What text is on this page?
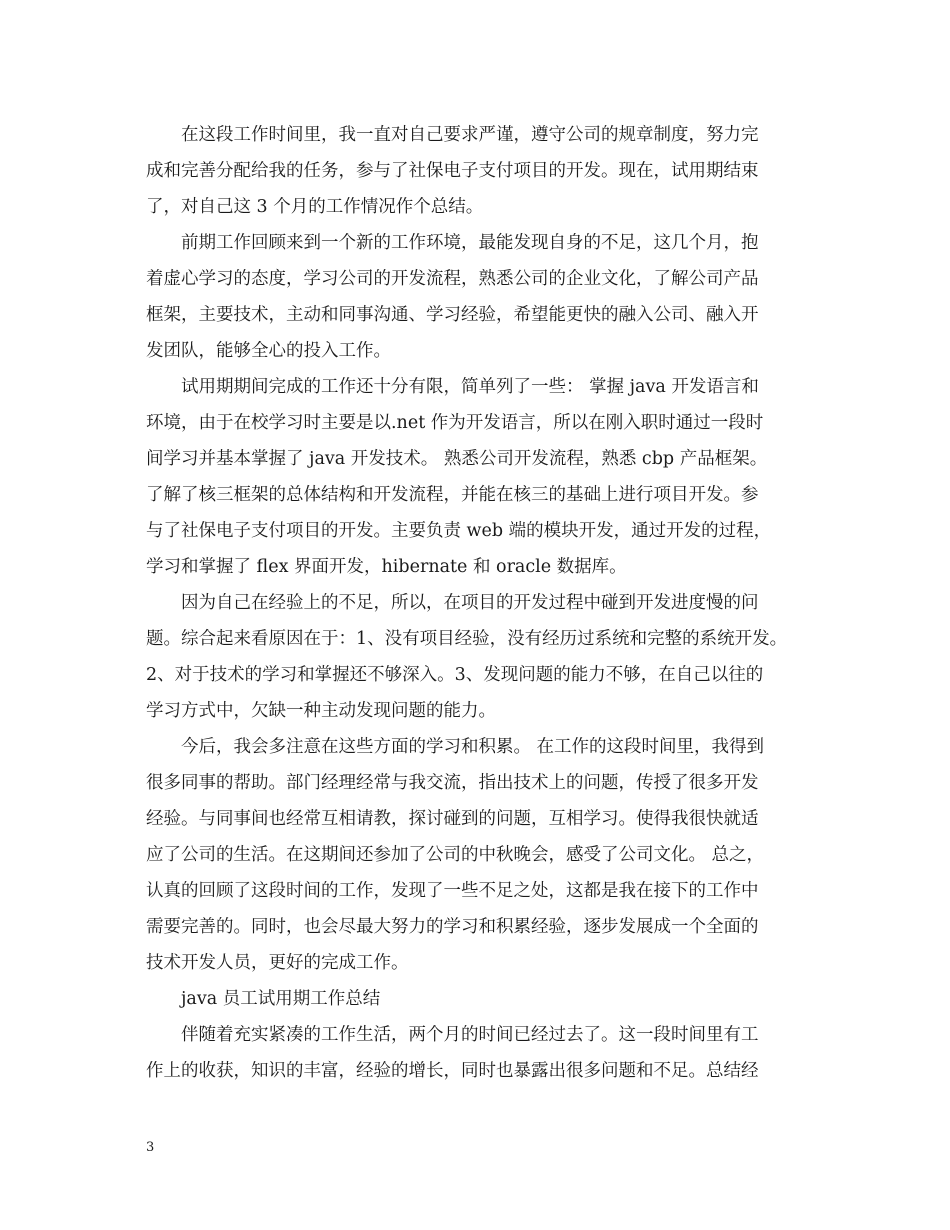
在这段工作时间里，我一直对自己要求严谨，遵守公司的规章制度，努力完
成和完善分配给我的任务，参与了社保电子支付项目的开发。现在，试用期结束
了，对自己这 3 个月的工作情况作个总结。
前期工作回顾来到一个新的工作环境，最能发现自身的不足，这几个月，抱
着虚心学习的态度，学习公司的开发流程，熟悉公司的企业文化，了解公司产品
框架，主要技术，主动和同事沟通、学习经验，希望能更快的融入公司、融入开
发团队，能够全心的投入工作。
试用期期间完成的工作还十分有限，简单列了一些： 掌握 java 开发语言和
环境，由于在校学习时主要是以.net 作为开发语言，所以在刚入职时通过一段时
间学习并基本掌握了 java 开发技术。 熟悉公司开发流程，熟悉 cbp 产品框架。
了解了核三框架的总体结构和开发流程，并能在核三的基础上进行项目开发。参
与了社保电子支付项目的开发。主要负责 web 端的模块开发，通过开发的过程，
学习和掌握了 flex 界面开发，hibernate 和 oracle 数据库。
因为自己在经验上的不足，所以，在项目的开发过程中碰到开发进度慢的问
题。综合起来看原因在于：1、没有项目经验，没有经历过系统和完整的系统开发。
2、对于技术的学习和掌握还不够深入。3、发现问题的能力不够，在自己以往的
学习方式中，欠缺一种主动发现问题的能力。
今后，我会多注意在这些方面的学习和积累。 在工作的这段时间里，我得到
很多同事的帮助。部门经理经常与我交流，指出技术上的问题，传授了很多开发
经验。与同事间也经常互相请教，探讨碰到的问题，互相学习。使得我很快就适
应了公司的生活。在这期间还参加了公司的中秋晚会，感受了公司文化。 总之，
认真的回顾了这段时间的工作，发现了一些不足之处，这都是我在接下的工作中
需要完善的。同时，也会尽最大努力的学习和积累经验，逐步发展成一个全面的
技术开发人员，更好的完成工作。
java 员工试用期工作总结
伴随着充实紧凑的工作生活，两个月的时间已经过去了。这一段时间里有工
作上的收获，知识的丰富，经验的增长，同时也暴露出很多问题和不足。总结经
3
